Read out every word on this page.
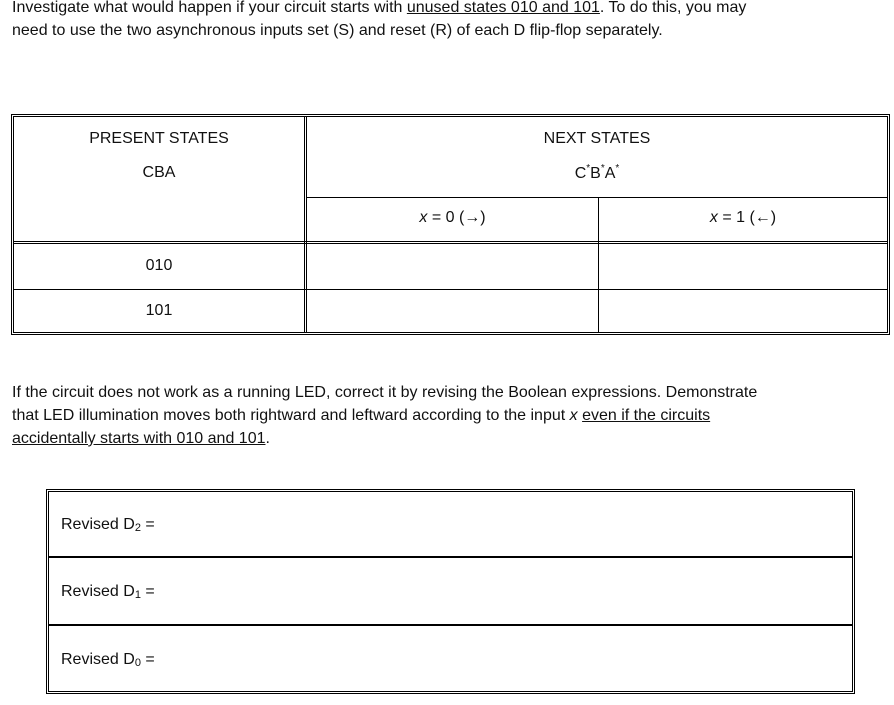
Investigate what would happen if your circuit starts with unused states 010 and 101. To do this, you may
need to use the two asynchronous inputs set (S) and reset (R) of each D flip-flop separately.

PRESENT STATES
CBA
NEXT STATES
C*B*A*
x = 0 (→)	x = 1 (←)
010
101

If the circuit does not work as a running LED, correct it by revising the Boolean expressions. Demonstrate
that LED illumination moves both rightward and leftward according to the input x even if the circuits
accidentally starts with 010 and 101.

Revised $D_2$ =
Revised $D_1$ =
Revised $D_0$ =
